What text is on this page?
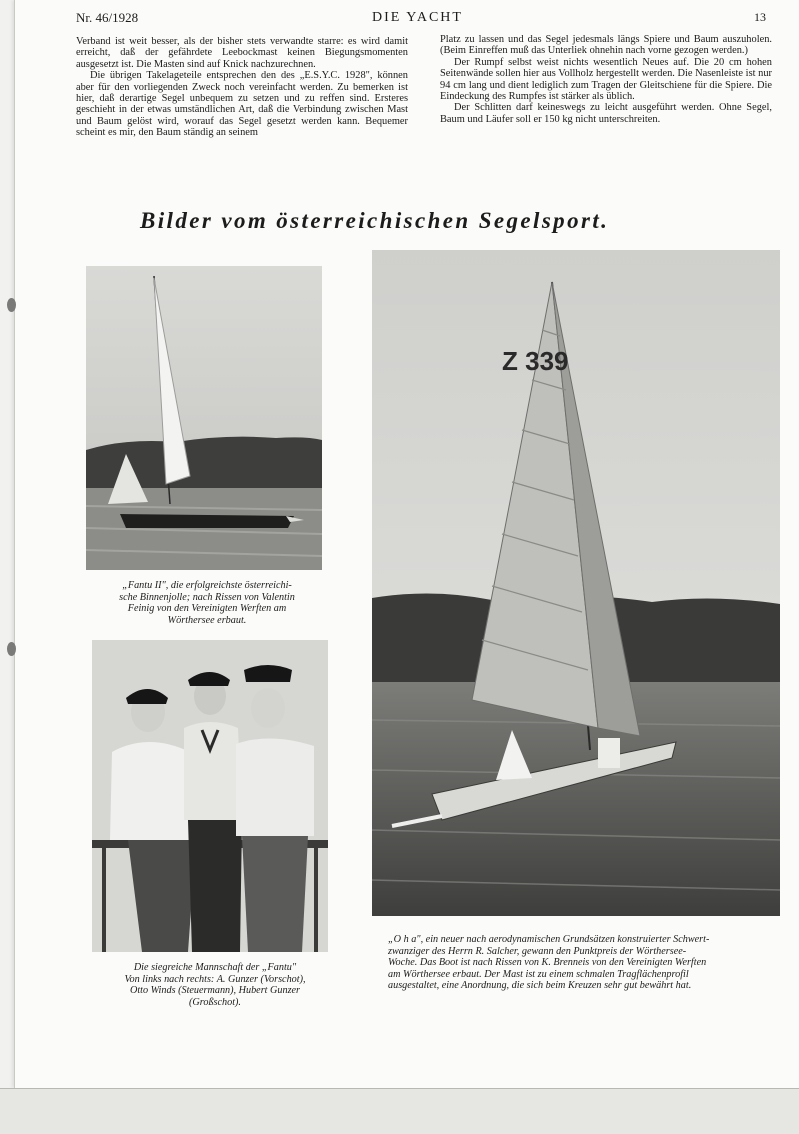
Nr. 46/1928	DIE YACHT	13

Verband ist weit besser, als der bisher stets verwandte starre: es wird damit erreicht, daß der gefährdete Leebockmast keinen Biegungsmomenten ausgesetzt ist. Die Masten sind auf Knick nachzurechnen.

Die übrigen Takelageteile entsprechen den des „E.S.Y.C. 1928", können aber für den vorliegenden Zweck noch vereinfacht werden. Zu bemerken ist hier, daß derartige Segel unbequem zu setzen und zu reffen sind. Ersteres geschieht in der etwas umständlichen Art, daß die Verbindung zwischen Mast und Baum gelöst wird, worauf das Segel gesetzt werden kann. Bequemer scheint es mir, den Baum ständig an seinem

Platz zu lassen und das Segel jedesmals längs Spiere und Baum auszuholen. (Beim Einreffen muß das Unterliek ohnehin nach vorne gezogen werden.)

Der Rumpf selbst weist nichts wesentlich Neues auf. Die 20 cm hohen Seitenwände sollen hier aus Vollholz hergestellt werden. Die Nasenleiste ist nur 94 cm lang und dient lediglich zum Tragen der Gleitschiene für die Spiere. Die Eindeckung des Rumpfes ist stärker als üblich.

Der Schlitten darf keineswegs zu leicht ausgeführt werden. Ohne Segel, Baum und Läufer soll er 150 kg nicht unterschreiten.

Bilder vom österreichischen Segelsport.
„Fantu II", die erfolgreichste österreichi-
sche Binnenjolle; nach Rissen von Valentin
Feinig von den Vereinigten Werften am
Wörthersee erbaut.
Die siegreiche Mannschaft der „Fantu"
Von links nach rechts: A. Gunzer (Vorschot),
Otto Winds (Steuermann), Hubert Gunzer
(Großschot).
Z 339
„O h a", ein neuer nach aerodynamischen Grundsätzen konstruierter Schwert-
zwanziger des Herrn R. Salcher, gewann den Punktpreis der Wörthersee-
Woche. Das Boot ist nach Rissen von K. Brenneis von den Vereinigten Werften
am Wörthersee erbaut. Der Mast ist zu einem schmalen Tragflächenprofil
ausgestaltet, eine Anordnung, die sich beim Kreuzen sehr gut bewährt hat.
